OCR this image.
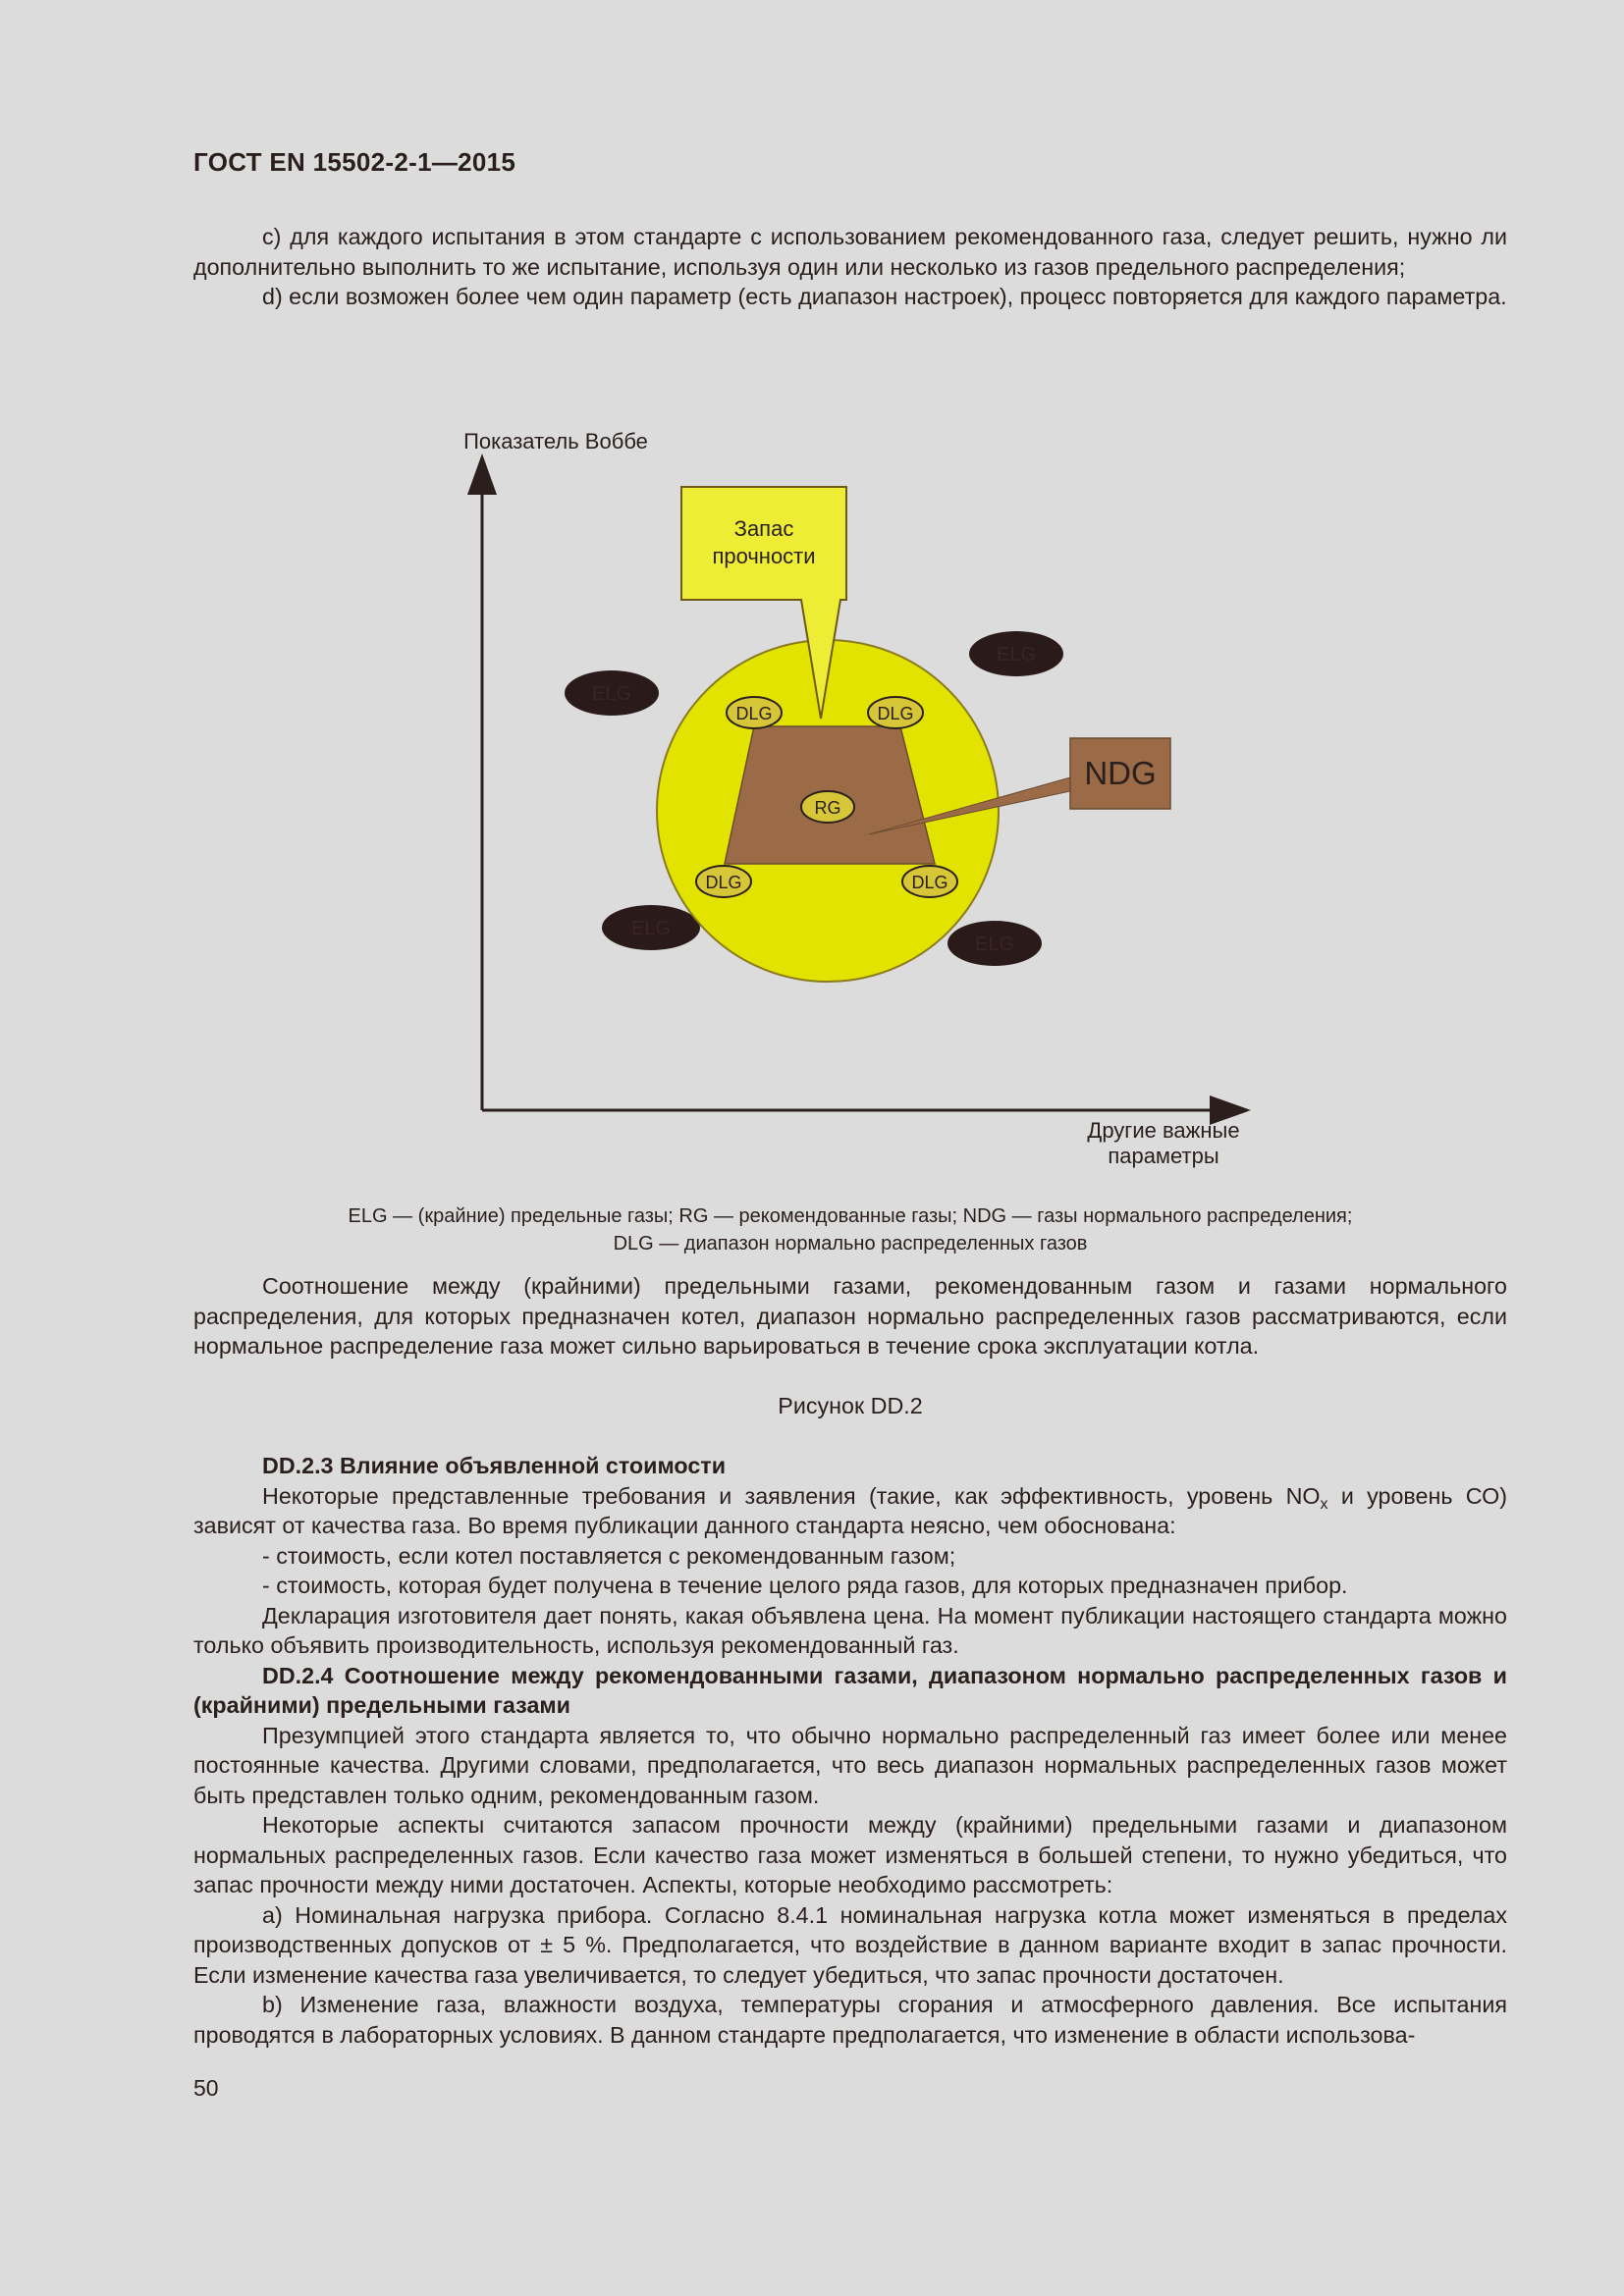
ГОСТ EN 15502-2-1—2015

c) для каждого испытания в этом стандарте с использованием рекомендованного газа, следует решить, нужно ли дополнительно выполнить то же испытание, используя один или несколько из газов предельного распределения;

d) если возможен более чем один параметр (есть диапазон настроек), процесс повторяется для каждого параметра.

Показатель Воббе
Другие важные
параметры
ELG
ELG
ELG
ELG
Запас
прочности
NDG
DLG	DLG
DLG	DLG
RG
ELG — (крайние) предельные газы; RG — рекомендованные газы; NDG — газы нормального распределения;
DLG — диапазон нормально распределенных газов

Соотношение между (крайними) предельными газами, рекомендованным газом и газами нормального распределения, для которых предназначен котел, диапазон нормально распределенных газов рассматриваются, если нормальное распределение газа может сильно варьироваться в течение срока эксплуатации котла.

Рисунок DD.2

DD.2.3 Влияние объявленной стоимости

Некоторые представленные требования и заявления (такие, как эффективность, уровень $NO_x$ и уровень СО) зависят от качества газа. Во время публикации данного стандарта неясно, чем обоснована:

- стоимость, если котел поставляется с рекомендованным газом;

- стоимость, которая будет получена в течение целого ряда газов, для которых предназначен прибор.

Декларация изготовителя дает понять, какая объявлена цена. На момент публикации настоящего стандарта можно только объявить производительность, используя рекомендованный газ.

DD.2.4 Соотношение между рекомендованными газами, диапазоном нормально распределенных газов и (крайними) предельными газами

Презумпцией этого стандарта является то, что обычно нормально распределенный газ имеет более или менее постоянные качества. Другими словами, предполагается, что весь диапазон нормальных распределенных газов может быть представлен только одним, рекомендованным газом.

Некоторые аспекты считаются запасом прочности между (крайними) предельными газами и диапазоном нормальных распределенных газов. Если качество газа может изменяться в большей степени, то нужно убедиться, что запас прочности между ними достаточен. Аспекты, которые необходимо рассмотреть:

a) Номинальная нагрузка прибора. Согласно 8.4.1 номинальная нагрузка котла может изменяться в пределах производственных допусков от ± 5 %. Предполагается, что воздействие в данном варианте входит в запас прочности. Если изменение качества газа увеличивается, то следует убедиться, что запас прочности достаточен.

b) Изменение газа, влажности воздуха, температуры сгорания и атмосферного давления. Все испытания проводятся в лабораторных условиях. В данном стандарте предполагается, что изменение в области использова-

50
